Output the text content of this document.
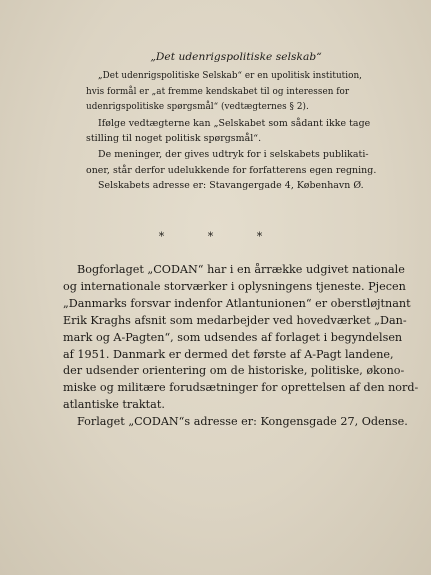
„Det udenrigspolitiske selskab“

„Det udenrigspolitiske Selskab“ er en upolitisk institution,

hvis formål er „at fremme kendskabet til og interessen for

udenrigspolitiske spørgsmål“ (vedtægternes § 2).

Ifølge vedtægterne kan „Selskabet som sådant ikke tage

stilling til noget politisk spørgsmål“.

De meninger, der gives udtryk for i selskabets publikati-

oner, står derfor udelukkende for forfatterens egen regning.

Selskabets adresse er: Stavangergade 4, København Ø.

* * *

Bogforlaget „CODAN“ har i en årrække udgivet nationale

og internationale storværker i oplysningens tjeneste. Pjecen

„Danmarks forsvar indenfor Atlantunionen“ er oberstløjtnant

Erik Kraghs afsnit som medarbejder ved hovedværket „Dan-

mark og A-Pagten“, som udsendes af forlaget i begyndelsen

af 1951. Danmark er dermed det første af A-Pagt landene,

der udsender orientering om de historiske, politiske, økono-

miske og militære forudsætninger for oprettelsen af den nord-

atlantiske traktat.

Forlaget „CODAN“s adresse er: Kongensgade 27, Odense.
